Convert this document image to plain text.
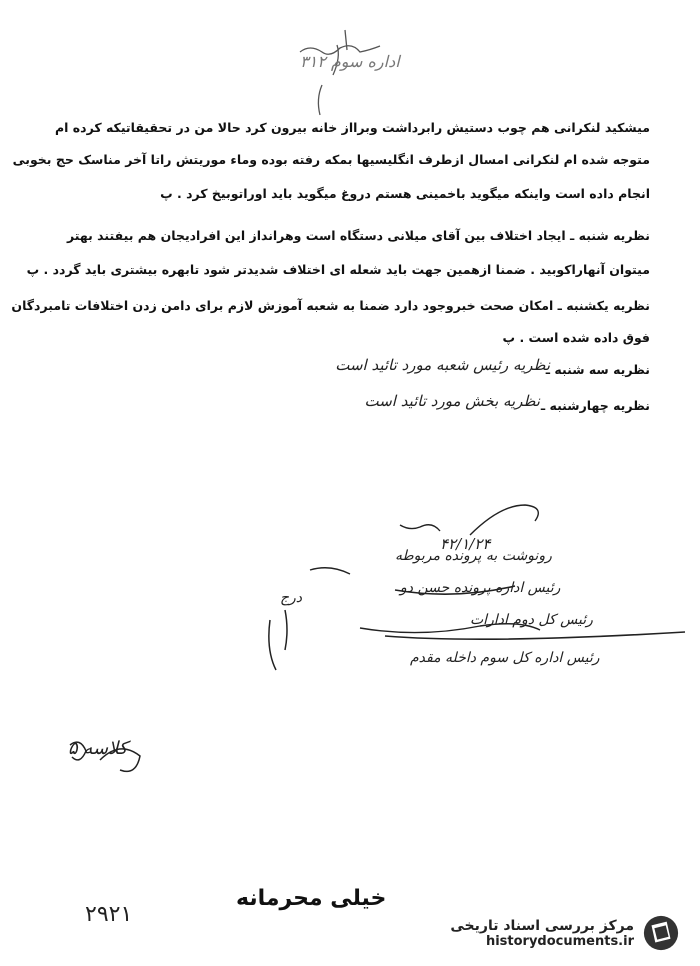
اداره سوم ۳۱۲
میشکید لنکرانی هم چوب دستیش رابرداشت وبرااز خانه بیرون کرد حالا من در تحقیقاتیکه کرده ام
متوجه شده ام لنکرانی امسال ازطرف انگلیسیها بمکه رفته بوده وماء موریتش راتا آخر مناسک حج بخوبی
انجام داده است واینکه میگوید باخمینی هستم دروغ میگوید باید اوراتوبیخ کرد . پ
نظریه شنبه ـ ایجاد اختلاف بین آقای میلانی دستگاه است وهرانداز این افرادیجان هم بیفتند بهتر
میتوان آنهاراکوبید . ضمنا ازهمین جهت باید شعله ای اختلاف شدیدتر شود تابهره بیشتری باید گردد . پ
نظریه یکشنبه ـ امکان صحت خبروجود دارد ضمنا به شعبه آموزش لازم برای دامن زدن اختلافات تامبردگان
فوق داده شده است . پ
نظریه سه شنبه ـ
نظریه رئیس شعبه مورد تائید است
نظریه چهارشنبه ـ
نظریه بخش مورد تائید است
۴۲/۱/۲۴
رونوشت به پرونده مربوطه
رئیس اداره پرونده حسن دو
رئیس کل دوم ادارات
رئیس اداره کل سوم داخله مقدم
درج
کلاسه ۵
۲۹۲۱
خیلی محرمانه
مرکز بررسی اسناد تاریخی
historydocuments.ir
